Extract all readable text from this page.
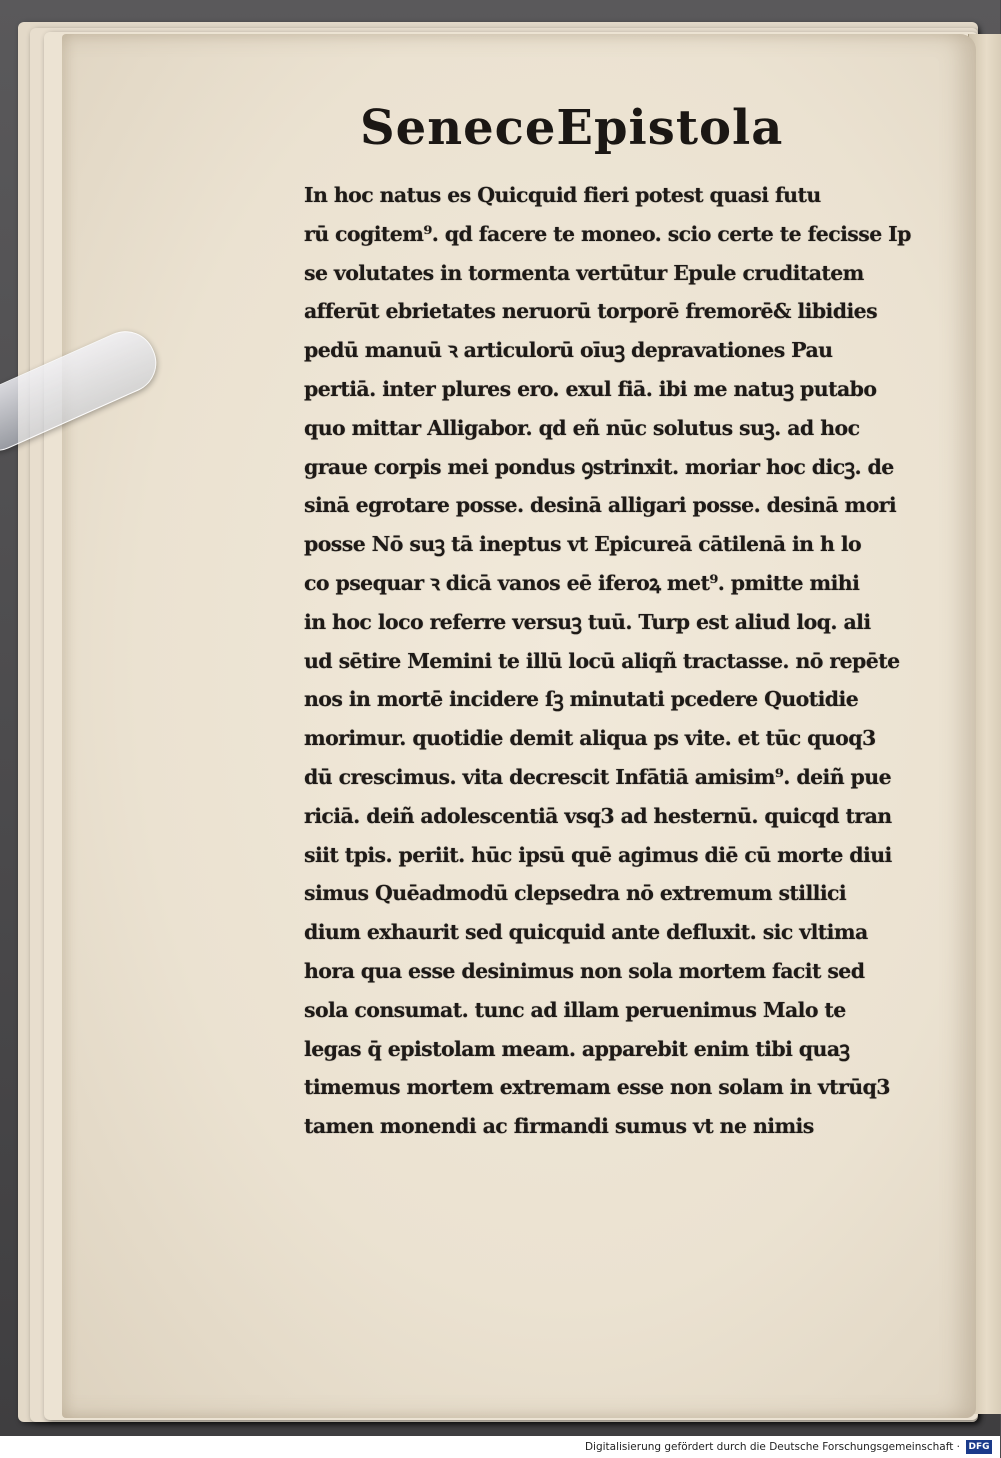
Senece Epistola
In hoc natus es Quicquid fieri potest quasi futu
rū cogitem⁹. qd facere te moneo. scio certe te fecisse Ip
se volutates in tormenta vertūtur Epule cruditatem
afferūt ebrietates neruorū torporē fremorē& libidies
pedū manuū ꝛ articulorū oīuꝫ depravationes Pau
pertiā. inter plures ero. exul fiā. ibi me natuꝫ putabo
quo mittar Alligabor. qd eñ nūc solutus suꝫ. ad hoc
graue corpis mei pondus ꝯstrinxit. moriar hoc dicꝫ. de
sinā egrotare posse. desinā alligari posse. desinā mori
posse Nō suꝫ tā ineptus vt Epicureā cātilenā in h lo
co psequar ꝛ dicā vanos eē iferoꝝ met⁹. pmitte mihi
in hoc loco referre versuꝫ tuū. Turp est aliud loq. ali
ud sētire Memini te illū locū aliqñ tractasse. nō repēte
nos in mortē incidere ſꝫ minutati pcedere Quotidie
morimur. quotidie demit aliqua ps vite. et tūc quoq3
dū crescimus. vita decrescit Infātiā amisim⁹. deiñ pue
riciā. deiñ adolescentiā vsq3 ad hesternū. quicqd tran
siit tpis. periit. hūc ipsū quē agimus diē cū morte diui
simus Quēadmodū clepsedra nō extremum stillici
dium exhaurit sed quicquid ante defluxit. sic vltima
hora qua esse desinimus non sola mortem facit sed
sola consumat. tunc ad illam peruenimus Malo te
legas q̄ epistolam meam. apparebit enim tibi quaꝫ
timemus mortem extremam esse non solam in vtrūq3
tamen monendi ac firmandi sumus vt ne nimis
Digitalisierung gefördert durch die Deutsche Forschungsgemeinschaft · DFG
